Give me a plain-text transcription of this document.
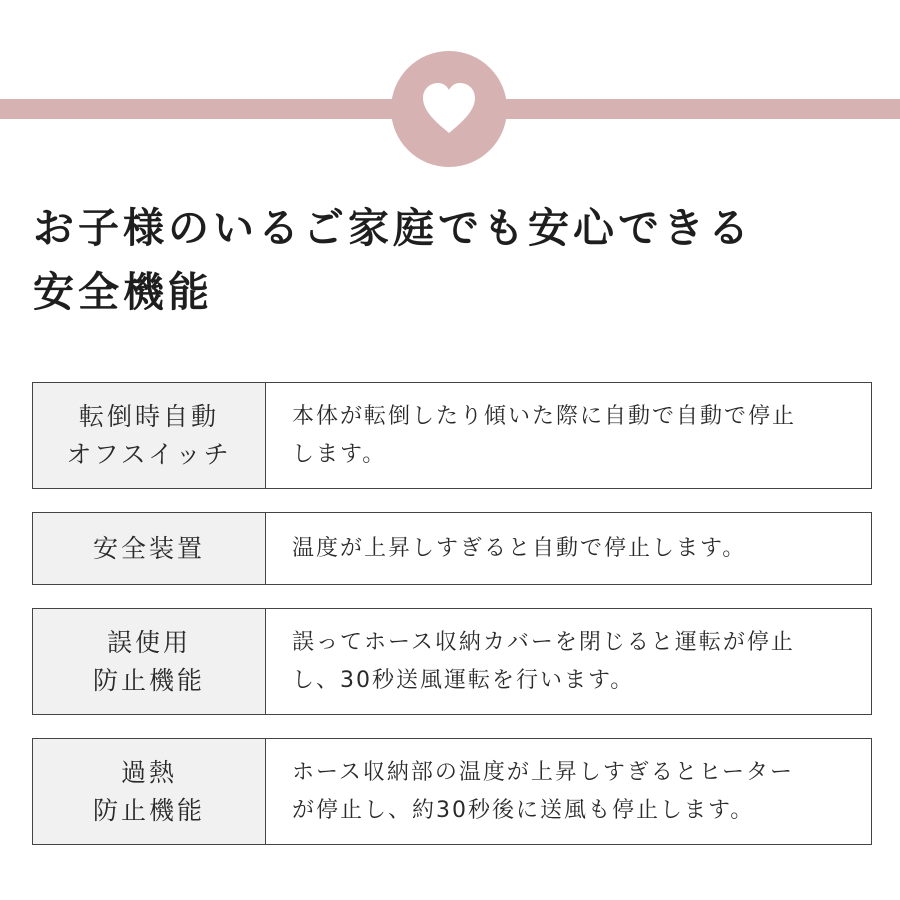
お子様のいるご家庭でも安心できる
安全機能
転倒時自動
オフスイッチ
本体が転倒したり傾いた際に自動で自動で停止
します。
安全装置	温度が上昇しすぎると自動で停止します。
誤使用
防止機能
誤ってホース収納カバーを閉じると運転が停止
し、30秒送風運転を行います。
過熱
防止機能
ホース収納部の温度が上昇しすぎるとヒーター
が停止し、約30秒後に送風も停止します。
